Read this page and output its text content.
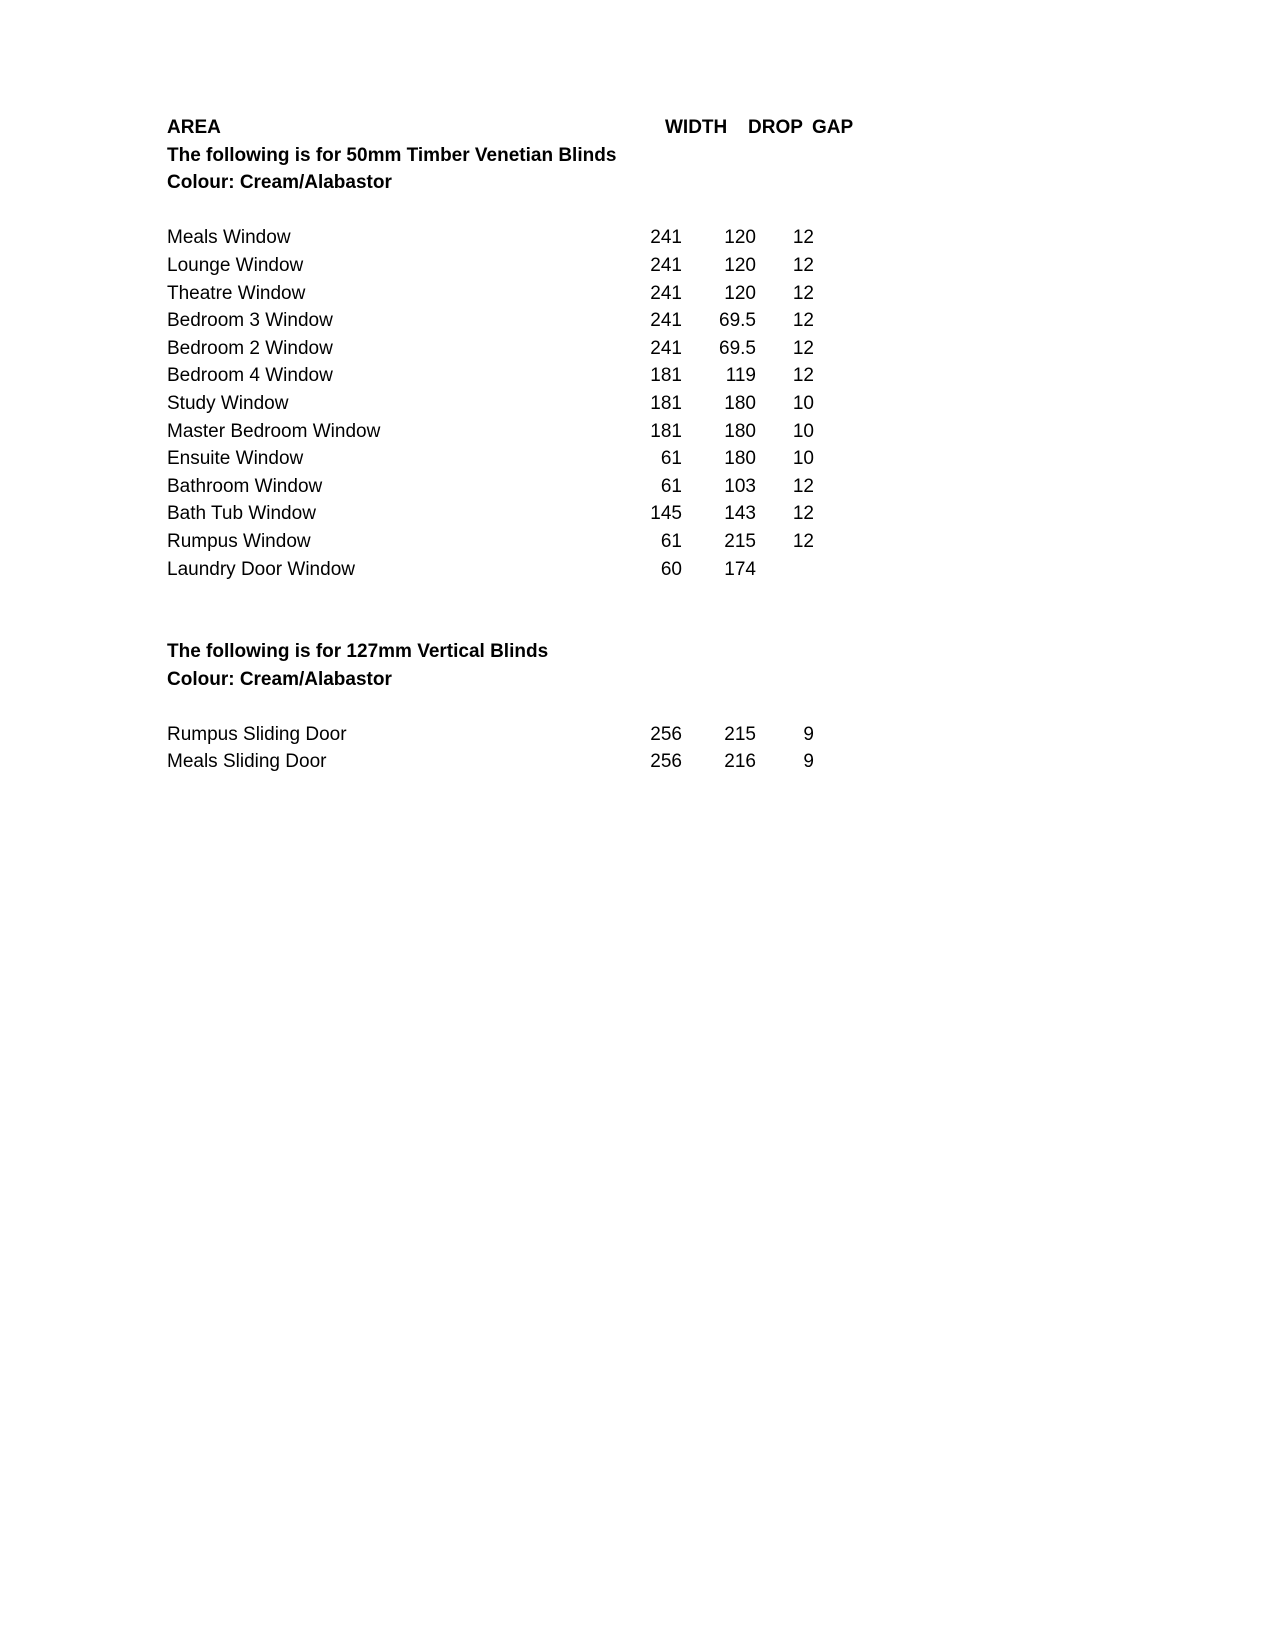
AREA	WIDTH DROP GAP
The following is for 50mm Timber Venetian Blinds
Colour: Cream/Alabastor
Meals Window	241 120 12
Lounge Window	241 120 12
Theatre Window	241 120 12
Bedroom 3 Window	241 69.5 12
Bedroom 2 Window	241 69.5 12
Bedroom 4 Window	181 119 12
Study Window	181 180 10
Master Bedroom Window	181 180 10
Ensuite Window	61 180 10
Bathroom Window	61 103 12
Bath Tub Window	145 143 12
Rumpus Window	61 215 12
Laundry Door Window	60 174
The following is for 127mm Vertical Blinds
Colour: Cream/Alabastor
Rumpus Sliding Door	256 215 9
Meals Sliding Door	256 216 9
